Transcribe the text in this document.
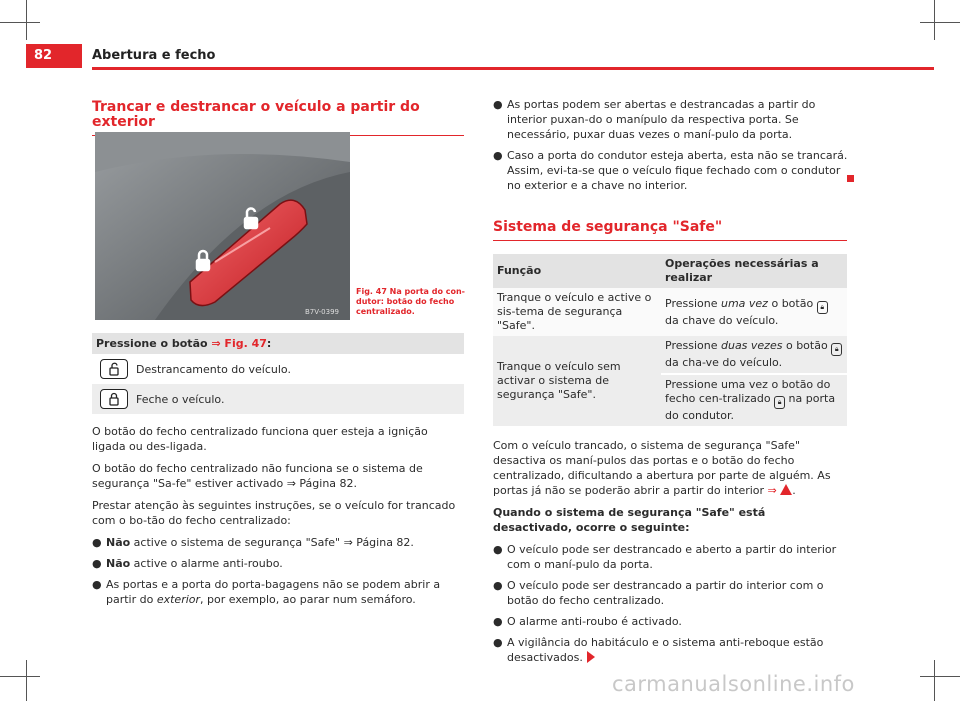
82	Abertura e fecho
Trancar e destrancar o veículo a partir do exterior
B7V-0399
Fig. 47 Na porta do con-dutor: botão do fecho centralizado.
Pressione o botão ⇒ Fig. 47:
Destrancamento do veículo.
Feche o veículo.

O botão do fecho centralizado funciona quer esteja a ignição ligada ou des-ligada.

O botão do fecho centralizado não funciona se o sistema de segurança "Sa-fe" estiver activado ⇒ Página 82.

Prestar atenção às seguintes instruções, se o veículo for trancado com o bo-tão do fecho centralizado:

● Não active o sistema de segurança "Safe" ⇒ Página 82.
● Não active o alarme anti-roubo.
● As portas e a porta do porta-bagagens não se podem abrir a partir do exterior, por exemplo, ao parar num semáforo.
● As portas podem ser abertas e destrancadas a partir do interior puxan-do o manípulo da respectiva porta. Se necessário, puxar duas vezes o maní-pulo da porta.
● Caso a porta do condutor esteja aberta, esta não se trancará. Assim, evi-ta-se que o veículo fique fechado com o condutor no exterior e a chave no interior.
Sistema de segurança "Safe"
Função	Operações necessárias a realizar
Tranque o veículo e active o sis-tema de segurança "Safe".	Pressione uma vez o botão 🔒︎ da chave do veículo.
Tranque o veículo sem activar o sistema de segurança "Safe".	Pressione duas vezes o botão 🔒︎ da cha-ve do veículo.
	Pressione uma vez o botão do fecho cen-tralizado 🔒︎ na porta do condutor.

Com o veículo trancado, o sistema de segurança "Safe" desactiva os maní-pulos das portas e o botão do fecho centralizado, dificultando a abertura por parte de alguém. As portas já não se poderão abrir a partir do interior ⇒ .

Quando o sistema de segurança "Safe" está desactivado, ocorre o seguinte:

● O veículo pode ser destrancado e aberto a partir do interior com o maní-pulo da porta.
● O veículo pode ser destrancado a partir do interior com o botão do fecho centralizado.
● O alarme anti-roubo é activado.
● A vigilância do habitáculo e o sistema anti-reboque estão desactivados.
carmanualsonline.info
